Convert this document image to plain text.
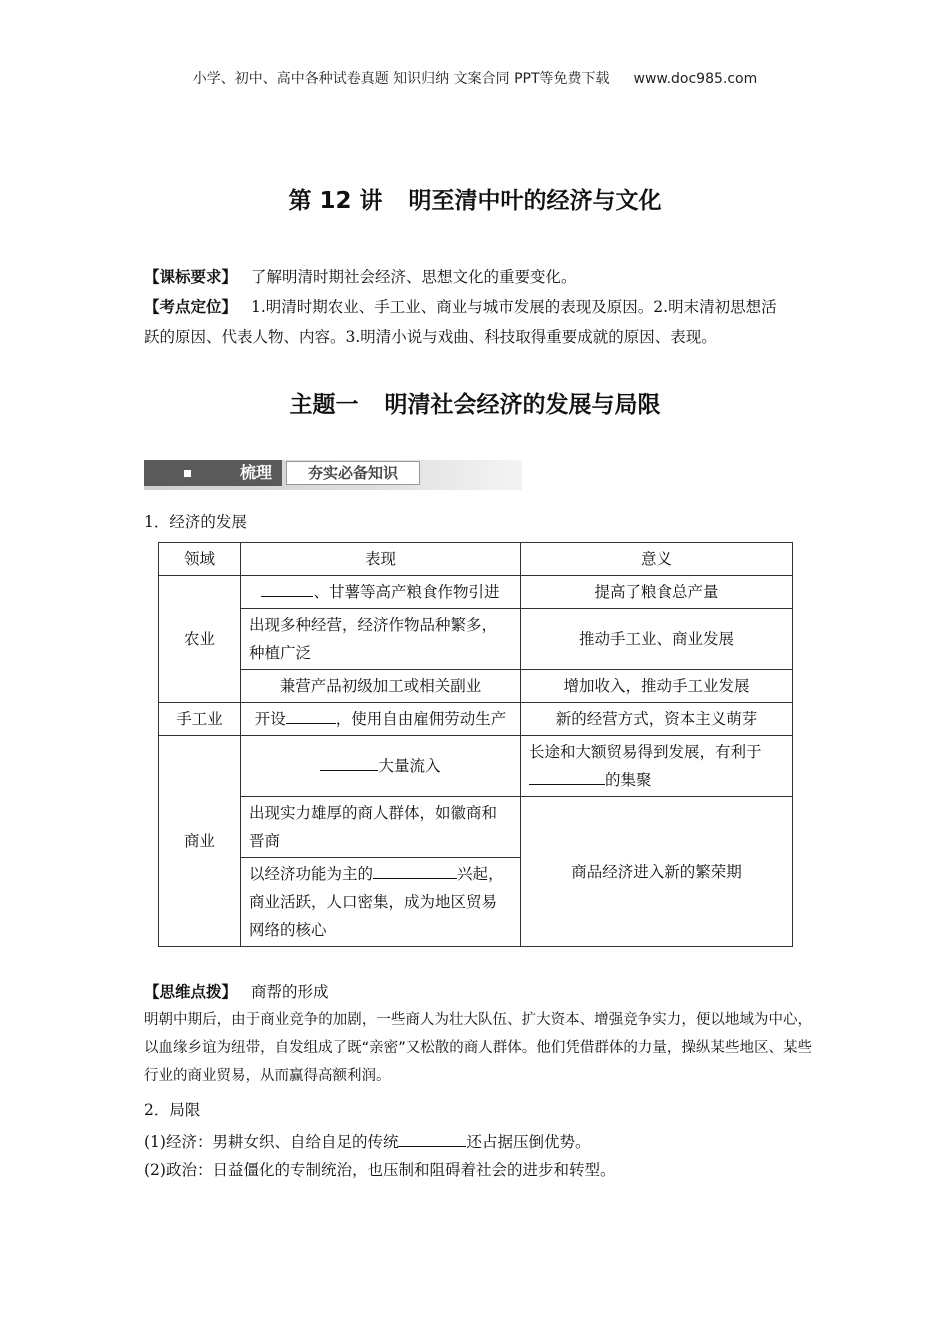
小学、初中、高中各种试卷真题 知识归纳 文案合同 PPT等免费下载 www.doc985.com
第 12 讲 明至清中叶的经济与文化
【课标要求】 了解明清时期社会经济、思想文化的重要变化。
【考点定位】 1.明清时期农业、手工业、商业与城市发展的表现及原因。2.明末清初思想活
跃的原因、代表人物、内容。3.明清小说与戏曲、科技取得重要成就的原因、表现。
主题一 明清社会经济的发展与局限
梳理	夯实必备知识
1．经济的发展
领域	表现	意义
农业	、甘薯等高产粮食作物引进	提高了粮食总产量
	出现多种经营，经济作物品种繁多，种植广泛	推动手工业、商业发展
	兼营产品初级加工或相关副业	增加收入，推动手工业发展
手工业	开设 ，使用自由雇佣劳动生产	新的经营方式，资本主义萌芽
商业	大量流入	长途和大额贸易得到发展，有利于
的集聚
	出现实力雄厚的商人群体，如徽商和晋商	商品经济进入新的繁荣期
	以经济功能为主的 兴起，商业活跃，人口密集，成为地区贸易网络的核心	
【思维点拨】 商帮的形成
明朝中期后，由于商业竞争的加剧，一些商人为壮大队伍、扩大资本、增强竞争实力，便以地域为中心，以血缘乡谊为纽带，自发组成了既“亲密”又松散的商人群体。他们凭借群体的力量，操纵某些地区、某些行业的商业贸易，从而赢得高额利润。
2．局限
(1)经济：男耕女织、自给自足的传统	还占据压倒优势。
(2)政治：日益僵化的专制统治，也压制和阻碍着社会的进步和转型。
